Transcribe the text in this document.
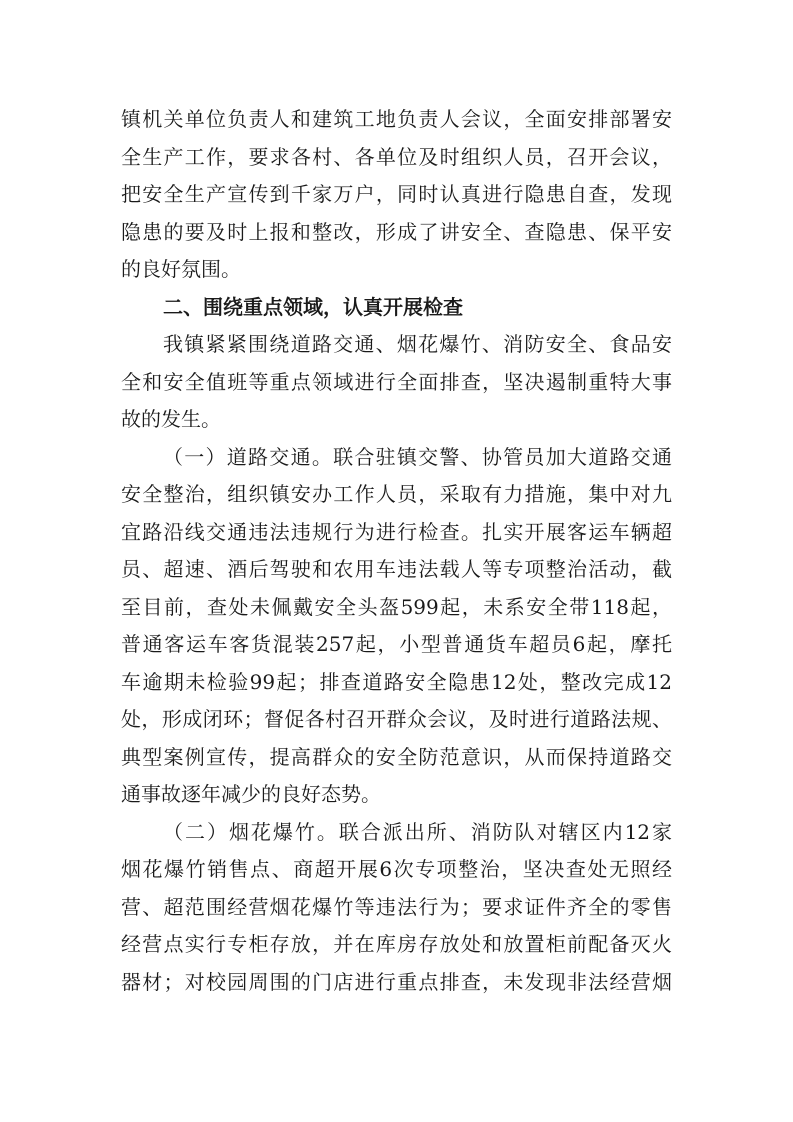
镇机关单位负责人和建筑工地负责人会议，全面安排部署安
全生产工作，要求各村、各单位及时组织人员，召开会议，
把安全生产宣传到千家万户，同时认真进行隐患自查，发现
隐患的要及时上报和整改，形成了讲安全、查隐患、保平安
的良好氛围。
二、围绕重点领域，认真开展检查
我镇紧紧围绕道路交通、烟花爆竹、消防安全、食品安
全和安全值班等重点领域进行全面排查，坚决遏制重特大事
故的发生。
（一）道路交通。联合驻镇交警、协管员加大道路交通
安全整治，组织镇安办工作人员，采取有力措施，集中对九
宜路沿线交通违法违规行为进行检查。扎实开展客运车辆超
员、超速、酒后驾驶和农用车违法载人等专项整治活动，截
至目前，查处未佩戴安全头盔599起，未系安全带118起，
普通客运车客货混装257起，小型普通货车超员6起，摩托
车逾期未检验99起；排查道路安全隐患12处，整改完成12
处，形成闭环；督促各村召开群众会议，及时进行道路法规、
典型案例宣传，提高群众的安全防范意识，从而保持道路交
通事故逐年减少的良好态势。
（二）烟花爆竹。联合派出所、消防队对辖区内12家
烟花爆竹销售点、商超开展6次专项整治，坚决查处无照经
营、超范围经营烟花爆竹等违法行为；要求证件齐全的零售
经营点实行专柜存放，并在库房存放处和放置柜前配备灭火
器材；对校园周围的门店进行重点排查，未发现非法经营烟
